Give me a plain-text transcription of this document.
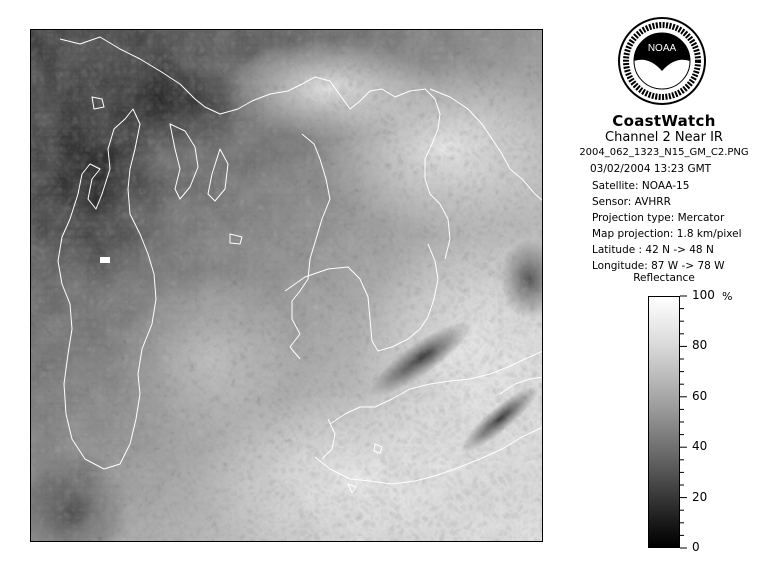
NOAA
CoastWatch
Channel 2 Near IR
2004_062_1323_N15_GM_C2.PNG
03/02/2004 13:23 GMT
Satellite: NOAA-15
Sensor: AVHRR
Projection type: Mercator
Map projection: 1.8 km/pixel
Latitude : 42 N -> 48 N
Longitude: 87 W -> 78 W
Reflectance
%
100
80
60
40
20
0
